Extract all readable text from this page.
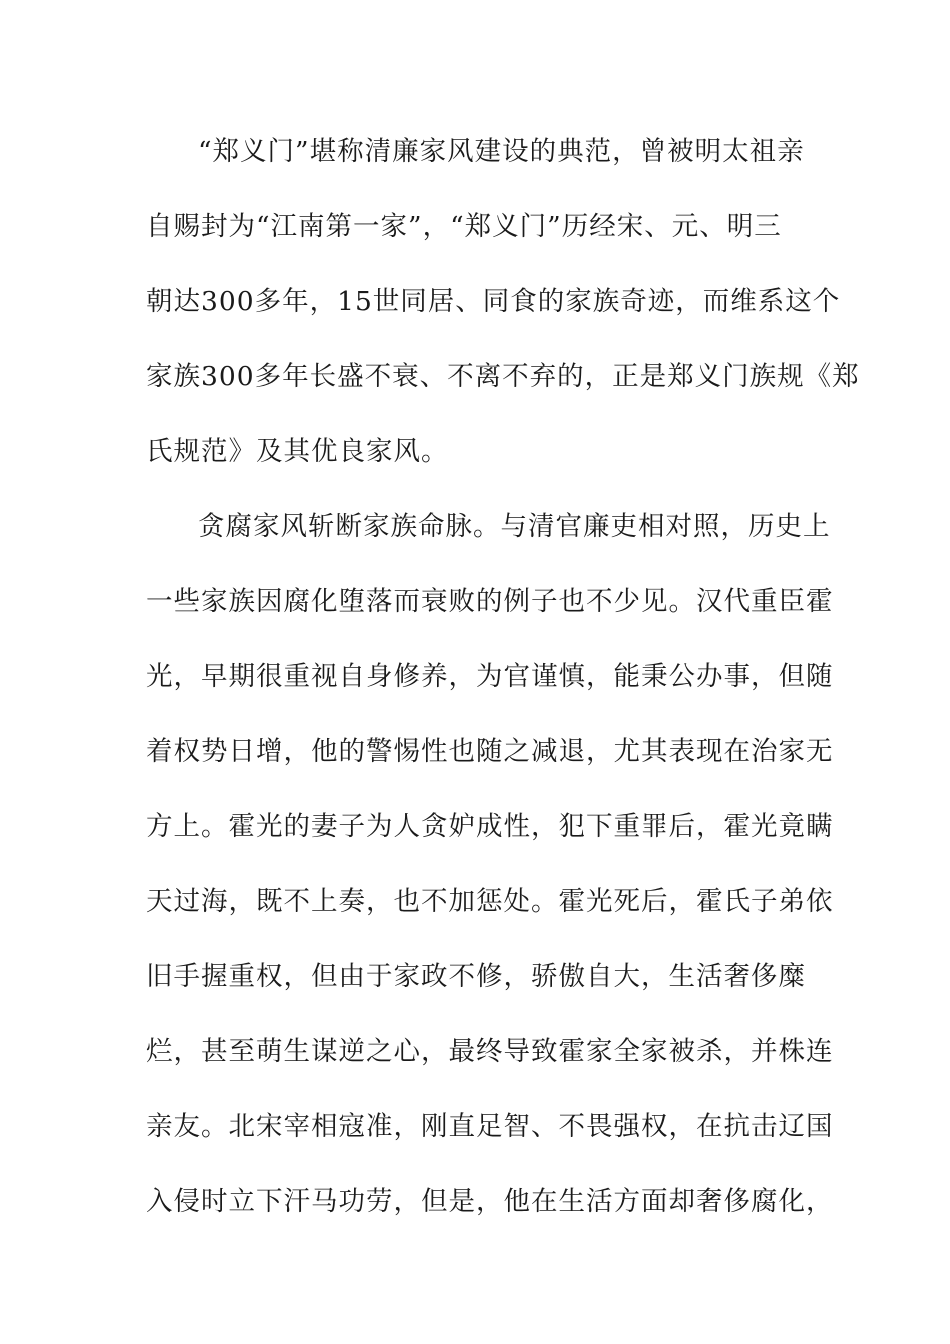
“郑义门”堪称清廉家风建设的典范，曾被明太祖亲
自赐封为“江南第一家”，“郑义门”历经宋、元、明三
朝达300多年，15世同居、同食的家族奇迹，而维系这个
家族300多年长盛不衰、不离不弃的，正是郑义门族规《郑
氏规范》及其优良家风。
贪腐家风斩断家族命脉。与清官廉吏相对照，历史上
一些家族因腐化堕落而衰败的例子也不少见。汉代重臣霍
光，早期很重视自身修养，为官谨慎，能秉公办事，但随
着权势日增，他的警惕性也随之减退，尤其表现在治家无
方上。霍光的妻子为人贪妒成性，犯下重罪后，霍光竟瞒
天过海，既不上奏，也不加惩处。霍光死后，霍氏子弟依
旧手握重权，但由于家政不修，骄傲自大，生活奢侈糜
烂，甚至萌生谋逆之心，最终导致霍家全家被杀，并株连
亲友。北宋宰相寇准，刚直足智、不畏强权，在抗击辽国
入侵时立下汗马功劳，但是，他在生活方面却奢侈腐化，
